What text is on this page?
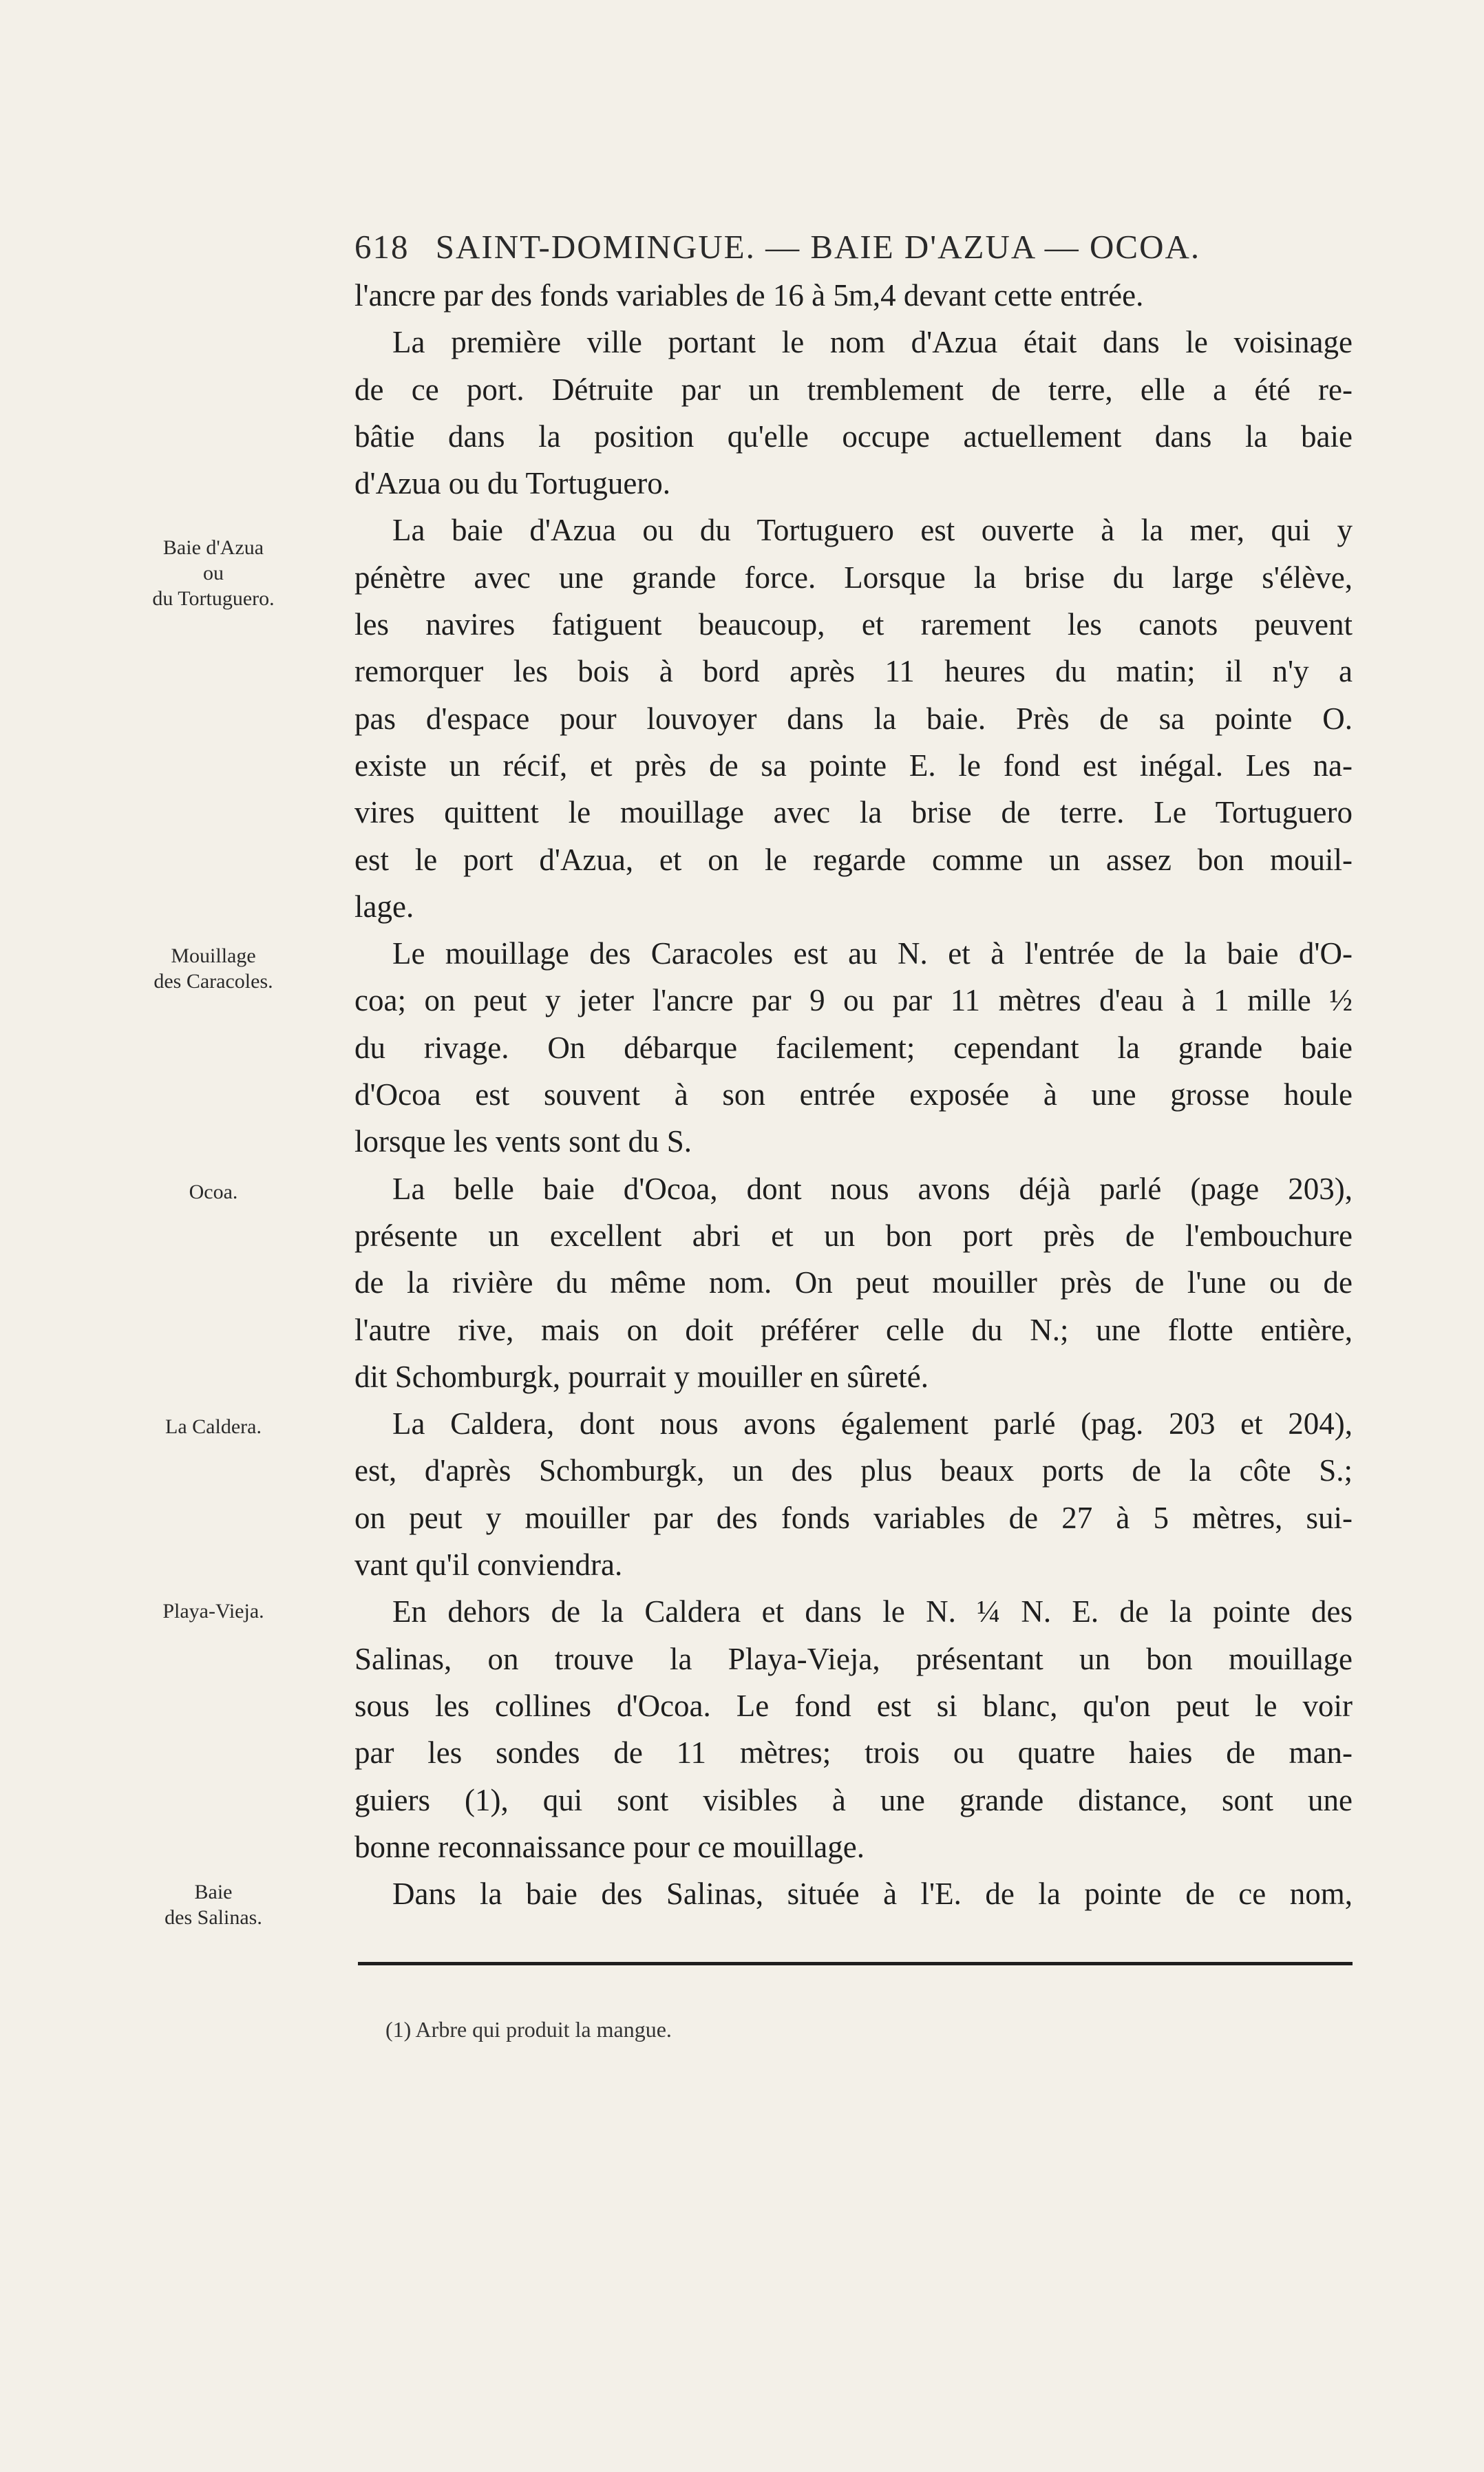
618 SAINT-DOMINGUE. — BAIE D'AZUA — OCOA.
l'ancre par des fonds variables de 16 à 5m,4 devant cette entrée.
La première ville portant le nom d'Azua était dans le voisinage
de ce port. Détruite par un tremblement de terre, elle a été re-
bâtie dans la position qu'elle occupe actuellement dans la baie
d'Azua ou du Tortuguero.
La baie d'Azua ou du Tortuguero est ouverte à la mer, qui y
pénètre avec une grande force. Lorsque la brise du large s'élève,
les navires fatiguent beaucoup, et rarement les canots peuvent
remorquer les bois à bord après 11 heures du matin; il n'y a
pas d'espace pour louvoyer dans la baie. Près de sa pointe O.
existe un récif, et près de sa pointe E. le fond est inégal. Les na-
vires quittent le mouillage avec la brise de terre. Le Tortuguero
est le port d'Azua, et on le regarde comme un assez bon mouil-
lage.
Le mouillage des Caracoles est au N. et à l'entrée de la baie d'O-
coa; on peut y jeter l'ancre par 9 ou par 11 mètres d'eau à 1 mille ½
du rivage. On débarque facilement; cependant la grande baie
d'Ocoa est souvent à son entrée exposée à une grosse houle
lorsque les vents sont du S.
La belle baie d'Ocoa, dont nous avons déjà parlé (page 203),
présente un excellent abri et un bon port près de l'embouchure
de la rivière du même nom. On peut mouiller près de l'une ou de
l'autre rive, mais on doit préférer celle du N.; une flotte entière,
dit Schomburgk, pourrait y mouiller en sûreté.
La Caldera, dont nous avons également parlé (pag. 203 et 204),
est, d'après Schomburgk, un des plus beaux ports de la côte S.;
on peut y mouiller par des fonds variables de 27 à 5 mètres, sui-
vant qu'il conviendra.
En dehors de la Caldera et dans le N. ¼ N. E. de la pointe des
Salinas, on trouve la Playa-Vieja, présentant un bon mouillage
sous les collines d'Ocoa. Le fond est si blanc, qu'on peut le voir
par les sondes de 11 mètres; trois ou quatre haies de man-
guiers (1), qui sont visibles à une grande distance, sont une
bonne reconnaissance pour ce mouillage.
Dans la baie des Salinas, située à l'E. de la pointe de ce nom,
Baie d'Azua
ou
du Tortuguero.
Mouillage
des Caracoles.
Ocoa.
La Caldera.
Playa-Vieja.
Baie
des Salinas.
(1) Arbre qui produit la mangue.
